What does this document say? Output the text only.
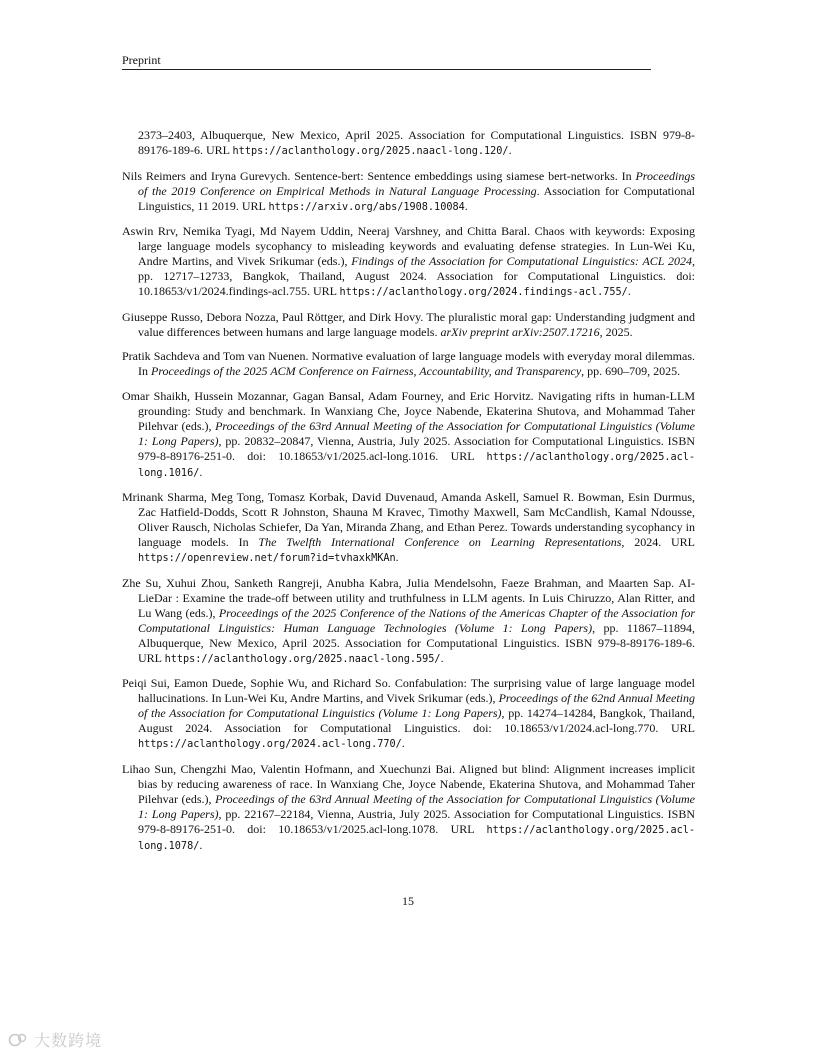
Preprint

2373–2403, Albuquerque, New Mexico, April 2025. Association for Computational Linguistics. ISBN 979-8-89176-189-6. URL https://aclanthology.org/2025.naacl-long.120/.

Nils Reimers and Iryna Gurevych. Sentence-bert: Sentence embeddings using siamese bert-networks. In Proceedings of the 2019 Conference on Empirical Methods in Natural Language Processing. Association for Computational Linguistics, 11 2019. URL https://arxiv.org/abs/1908.10084.

Aswin Rrv, Nemika Tyagi, Md Nayem Uddin, Neeraj Varshney, and Chitta Baral. Chaos with keywords: Exposing large language models sycophancy to misleading keywords and evaluating defense strategies. In Lun-Wei Ku, Andre Martins, and Vivek Srikumar (eds.), Findings of the Association for Computational Linguistics: ACL 2024, pp. 12717–12733, Bangkok, Thailand, August 2024. Association for Computational Linguistics. doi: 10.18653/v1/2024.findings-acl.755. URL https://aclanthology.org/2024.findings-acl.755/.

Giuseppe Russo, Debora Nozza, Paul Röttger, and Dirk Hovy. The pluralistic moral gap: Understanding judgment and value differences between humans and large language models. arXiv preprint arXiv:2507.17216, 2025.

Pratik Sachdeva and Tom van Nuenen. Normative evaluation of large language models with everyday moral dilemmas. In Proceedings of the 2025 ACM Conference on Fairness, Accountability, and Transparency, pp. 690–709, 2025.

Omar Shaikh, Hussein Mozannar, Gagan Bansal, Adam Fourney, and Eric Horvitz. Navigating rifts in human-LLM grounding: Study and benchmark. In Wanxiang Che, Joyce Nabende, Ekaterina Shutova, and Mohammad Taher Pilehvar (eds.), Proceedings of the 63rd Annual Meeting of the Association for Computational Linguistics (Volume 1: Long Papers), pp. 20832–20847, Vienna, Austria, July 2025. Association for Computational Linguistics. ISBN 979-8-89176-251-0. doi: 10.18653/v1/2025.acl-long.1016. URL https://aclanthology.org/2025.acl-long.1016/.

Mrinank Sharma, Meg Tong, Tomasz Korbak, David Duvenaud, Amanda Askell, Samuel R. Bowman, Esin Durmus, Zac Hatfield-Dodds, Scott R Johnston, Shauna M Kravec, Timothy Maxwell, Sam McCandlish, Kamal Ndousse, Oliver Rausch, Nicholas Schiefer, Da Yan, Miranda Zhang, and Ethan Perez. Towards understanding sycophancy in language models. In The Twelfth International Conference on Learning Representations, 2024. URL https://openreview.net/forum?id=tvhaxkMKAn.

Zhe Su, Xuhui Zhou, Sanketh Rangreji, Anubha Kabra, Julia Mendelsohn, Faeze Brahman, and Maarten Sap. AI-LieDar : Examine the trade-off between utility and truthfulness in LLM agents. In Luis Chiruzzo, Alan Ritter, and Lu Wang (eds.), Proceedings of the 2025 Conference of the Nations of the Americas Chapter of the Association for Computational Linguistics: Human Language Technologies (Volume 1: Long Papers), pp. 11867–11894, Albuquerque, New Mexico, April 2025. Association for Computational Linguistics. ISBN 979-8-89176-189-6. URL https://aclanthology.org/2025.naacl-long.595/.

Peiqi Sui, Eamon Duede, Sophie Wu, and Richard So. Confabulation: The surprising value of large language model hallucinations. In Lun-Wei Ku, Andre Martins, and Vivek Srikumar (eds.), Proceedings of the 62nd Annual Meeting of the Association for Computational Linguistics (Volume 1: Long Papers), pp. 14274–14284, Bangkok, Thailand, August 2024. Association for Computational Linguistics. doi: 10.18653/v1/2024.acl-long.770. URL https://aclanthology.org/2024.acl-long.770/.

Lihao Sun, Chengzhi Mao, Valentin Hofmann, and Xuechunzi Bai. Aligned but blind: Alignment increases implicit bias by reducing awareness of race. In Wanxiang Che, Joyce Nabende, Ekaterina Shutova, and Mohammad Taher Pilehvar (eds.), Proceedings of the 63rd Annual Meeting of the Association for Computational Linguistics (Volume 1: Long Papers), pp. 22167–22184, Vienna, Austria, July 2025. Association for Computational Linguistics. ISBN 979-8-89176-251-0. doi: 10.18653/v1/2025.acl-long.1078. URL https://aclanthology.org/2025.acl-long.1078/.

15
大数跨境
